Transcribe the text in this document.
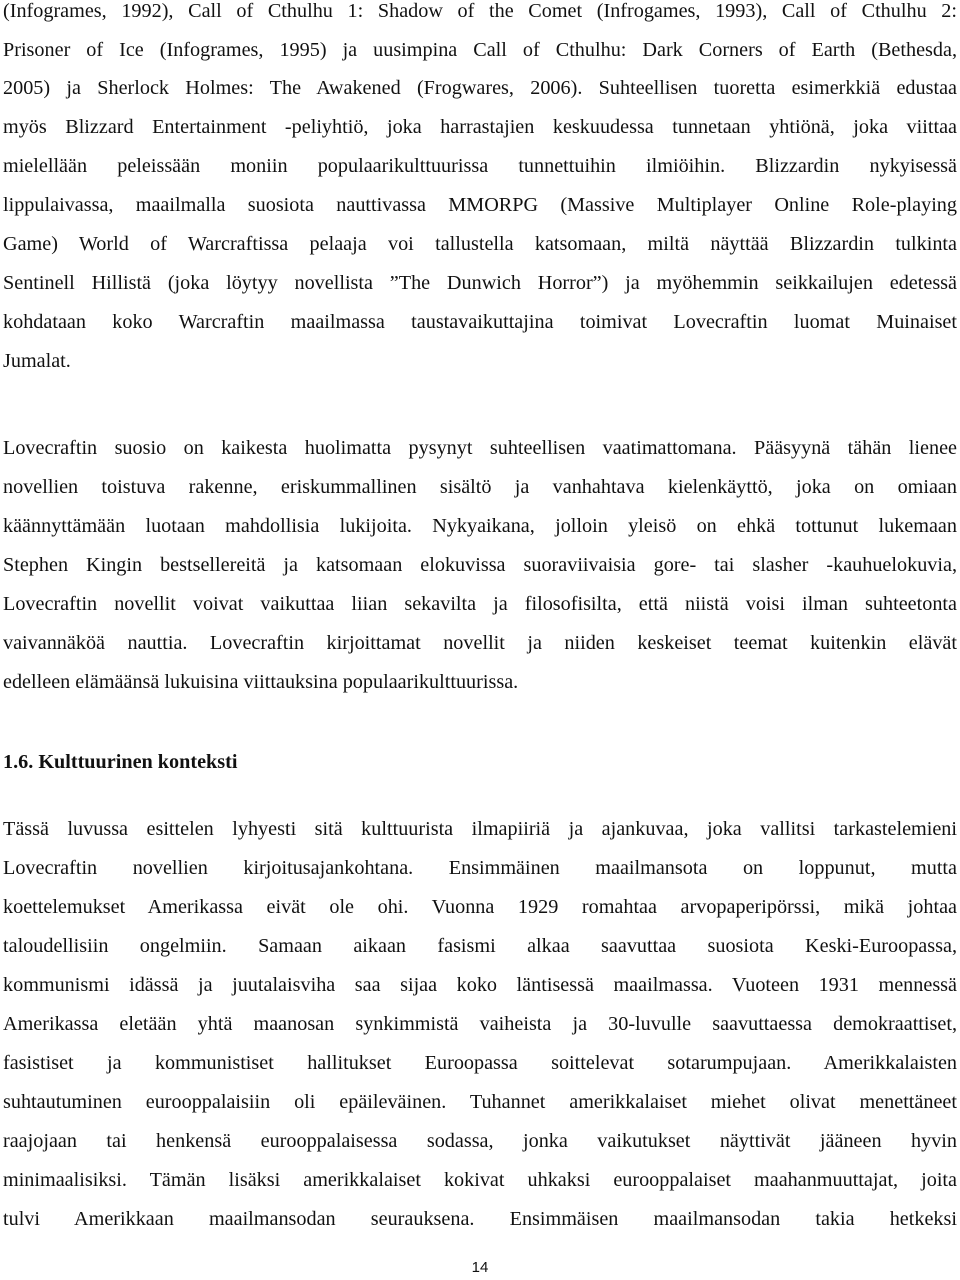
(Infogrames, 1992), Call of Cthulhu 1: Shadow of the Comet (Infrogames, 1993), Call of Cthulhu 2:
Prisoner of Ice (Infogrames, 1995) ja uusimpina Call of Cthulhu: Dark Corners of Earth (Bethesda,
2005) ja Sherlock Holmes: The Awakened (Frogwares, 2006). Suhteellisen tuoretta esimerkkiä edustaa
myös Blizzard Entertainment -peliyhtiö, joka harrastajien keskuudessa tunnetaan yhtiönä, joka viittaa
mielellään peleissään moniin populaarikulttuurissa tunnettuihin ilmiöihin. Blizzardin nykyisessä
lippulaivassa, maailmalla suosiota nauttivassa MMORPG (Massive Multiplayer Online Role-playing
Game) World of Warcraftissa pelaaja voi tallustella katsomaan, miltä näyttää Blizzardin tulkinta
Sentinell Hillistä (joka löytyy novellista ”The Dunwich Horror”) ja myöhemmin seikkailujen edetessä
kohdataan koko Warcraftin maailmassa taustavaikuttajina toimivat Lovecraftin luomat Muinaiset
Jumalat.
Lovecraftin suosio on kaikesta huolimatta pysynyt suhteellisen vaatimattomana. Pääsyynä tähän lienee
novellien toistuva rakenne, eriskummallinen sisältö ja vanhahtava kielenkäyttö, joka on omiaan
käännyttämään luotaan mahdollisia lukijoita. Nykyaikana, jolloin yleisö on ehkä tottunut lukemaan
Stephen Kingin bestsellereitä ja katsomaan elokuvissa suoraviivaisia gore- tai slasher -kauhuelokuvia,
Lovecraftin novellit voivat vaikuttaa liian sekavilta ja filosofisilta, että niistä voisi ilman suhteetonta
vaivannäköä nauttia. Lovecraftin kirjoittamat novellit ja niiden keskeiset teemat kuitenkin elävät
edelleen elämäänsä lukuisina viittauksina populaarikulttuurissa.
1.6. Kulttuurinen konteksti
Tässä luvussa esittelen lyhyesti sitä kulttuurista ilmapiiriä ja ajankuvaa, joka vallitsi tarkastelemieni
Lovecraftin novellien kirjoitusajankohtana. Ensimmäinen maailmansota on loppunut, mutta
koettelemukset Amerikassa eivät ole ohi. Vuonna 1929 romahtaa arvopaperipörssi, mikä johtaa
taloudellisiin ongelmiin. Samaan aikaan fasismi alkaa saavuttaa suosiota Keski-Euroopassa,
kommunismi idässä ja juutalaisviha saa sijaa koko läntisessä maailmassa. Vuoteen 1931 mennessä
Amerikassa eletään yhtä maanosan synkimmistä vaiheista ja 30-luvulle saavuttaessa demokraattiset,
fasistiset ja kommunistiset hallitukset Euroopassa soittelevat sotarumpujaan. Amerikkalaisten
suhtautuminen eurooppalaisiin oli epäileväinen. Tuhannet amerikkalaiset miehet olivat menettäneet
raajojaan tai henkensä eurooppalaisessa sodassa, jonka vaikutukset näyttivät jääneen hyvin
minimaalisiksi. Tämän lisäksi amerikkalaiset kokivat uhkaksi eurooppalaiset maahanmuuttajat, joita
tulvi Amerikkaan maailmansodan seurauksena. Ensimmäisen maailmansodan takia hetkeksi
14
